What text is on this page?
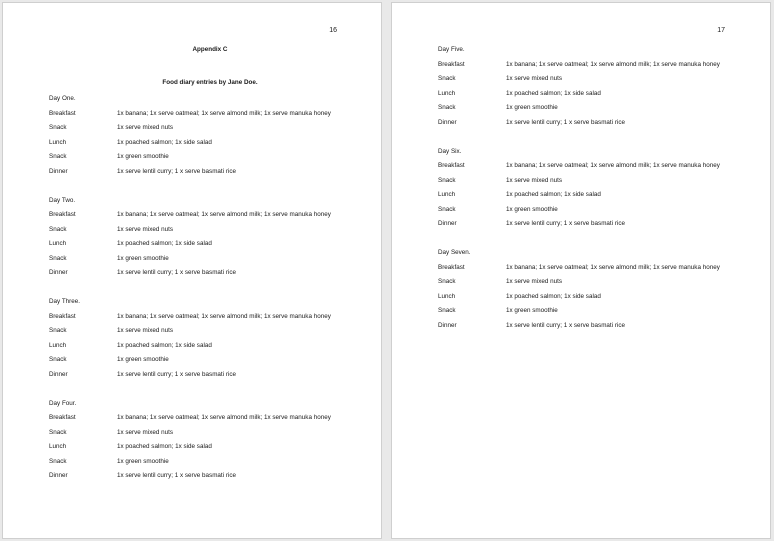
16
Appendix C
Food diary entries by Jane Doe.
Day One.
Breakfast	1x banana; 1x serve oatmeal; 1x serve almond milk; 1x serve manuka honey
Snack	1x serve mixed nuts
Lunch	1x poached salmon; 1x side salad
Snack	1x green smoothie
Dinner	1x serve lentil curry; 1 x serve basmati rice
Day Two.
Breakfast	1x banana; 1x serve oatmeal; 1x serve almond milk; 1x serve manuka honey
Snack	1x serve mixed nuts
Lunch	1x poached salmon; 1x side salad
Snack	1x green smoothie
Dinner	1x serve lentil curry; 1 x serve basmati rice
Day Three.
Breakfast	1x banana; 1x serve oatmeal; 1x serve almond milk; 1x serve manuka honey
Snack	1x serve mixed nuts
Lunch	1x poached salmon; 1x side salad
Snack	1x green smoothie
Dinner	1x serve lentil curry; 1 x serve basmati rice
Day Four.
Breakfast	1x banana; 1x serve oatmeal; 1x serve almond milk; 1x serve manuka honey
Snack	1x serve mixed nuts
Lunch	1x poached salmon; 1x side salad
Snack	1x green smoothie
Dinner	1x serve lentil curry; 1 x serve basmati rice
17
Day Five.
Breakfast	1x banana; 1x serve oatmeal; 1x serve almond milk; 1x serve manuka honey
Snack	1x serve mixed nuts
Lunch	1x poached salmon; 1x side salad
Snack	1x green smoothie
Dinner	1x serve lentil curry; 1 x serve basmati rice
Day Six.
Breakfast	1x banana; 1x serve oatmeal; 1x serve almond milk; 1x serve manuka honey
Snack	1x serve mixed nuts
Lunch	1x poached salmon; 1x side salad
Snack	1x green smoothie
Dinner	1x serve lentil curry; 1 x serve basmati rice
Day Seven.
Breakfast	1x banana; 1x serve oatmeal; 1x serve almond milk; 1x serve manuka honey
Snack	1x serve mixed nuts
Lunch	1x poached salmon; 1x side salad
Snack	1x green smoothie
Dinner	1x serve lentil curry; 1 x serve basmati rice
